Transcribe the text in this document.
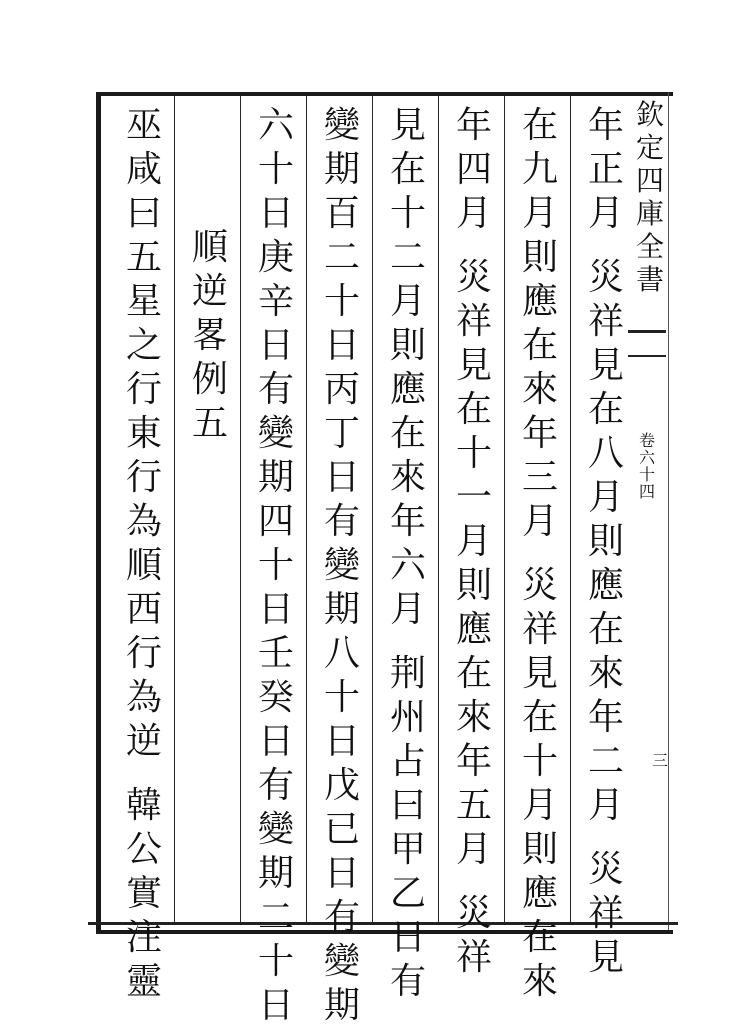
欽
定
四
庫
全
書
卷
六
十
四
三
年
正
月
災
祥
見
在
八
月
則
應
在
來
年
二
月
災
祥
見
在
九
月
則
應
在
來
年
三
月
災
祥
見
在
十
月
則
應
在
來
年
四
月
災
祥
見
在
十
一
月
則
應
在
來
年
五
月
災
祥
見
在
十
二
月
則
應
在
來
年
六
月
荆
州
占
曰
甲
乙
日
有
變
期
百
二
十
日
丙
丁
日
有
變
期
八
十
日
戊
已
日
有
變
期
六
十
日
庚
辛
日
有
變
期
四
十
日
壬
癸
日
有
變
期
二
十
日
順
逆
畧
例
五
巫
咸
曰
五
星
之
行
東
行
為
順
西
行
為
逆
韓
公
實
注
靈
